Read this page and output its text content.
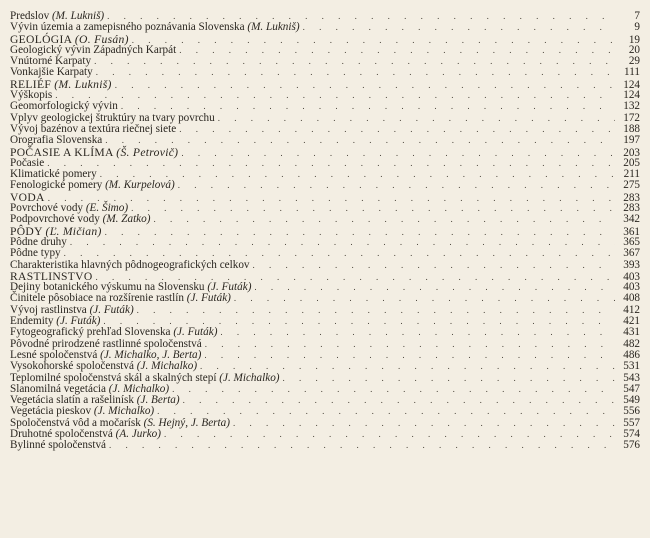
Predslov (M. Lukniš) . . .	7
Vývin územia a zamepisného poznávania Slovenska (M. Lukniš) . . .	9
GEOLÓGIA (O. Fusán) . . .	19
Geologický vývin Západných Karpát . . .	20
Vnútorné Karpaty . . .	29
Vonkajšie Karpaty . . .	111
RELIÉF (M. Lukniš) . . .	124
Výškopis . . .	124
Geomorfologický vývin . . .	132
Vplyv geologickej štruktúry na tvary povrchu . . .	172
Vývoj bazénov a textúra riečnej siete . . .	188
Orografia Slovenska . . .	197
POČASIE A KLÍMA (Š. Petrovič) . . .	203
Počasie . . .	205
Klimatické pomery . . .	211
Fenologické pomery (M. Kurpelová) . . .	275
VODA . . .	283
Povrchové vody (E. Šimo) . . .	283
Podpovrchové vody (M. Zatko) . . .	342
PÔDY (Ľ. Mičian) . . .	361
Pôdne druhy . . .	365
Pôdne typy . . .	367
Charakteristika hlavných pôdnogeografických celkov . . .	393
RASTLINSTVO . . .	403
Dejiny botanického výskumu na Slovensku (J. Futák) . . .	403
Činitele pôsobiace na rozšírenie rastlín (J. Futák) . . .	408
Vývoj rastlinstva (J. Futák) . . .	412
Endemity (J. Futák) . . .	421
Fytogeografický prehľad Slovenska (J. Futák) . . .	431
Pôvodné prirodzené rastlinné spoločenstvá . . .	482
Lesné spoločenstvá (J. Michalko, J. Berta) . . .	486
Vysokohorské spoločenstvá (J. Michalko) . . .	531
Teplomilné spoločenstvá skál a skalných stepí (J. Michalko) . . .	543
Slanomilná vegetácia (J. Michalko) . . .	547
Vegetácia slatín a rašelinísk (J. Berta) . . .	549
Vegetácia pieskov (J. Michalko) . . .	556
Spoločenstvá vôd a močarísk (S. Hejný, J. Berta) . . .	557
Druhotné spoločenstvá (A. Jurko) . . .	574
Bylinné spoločenstvá . . .	576
